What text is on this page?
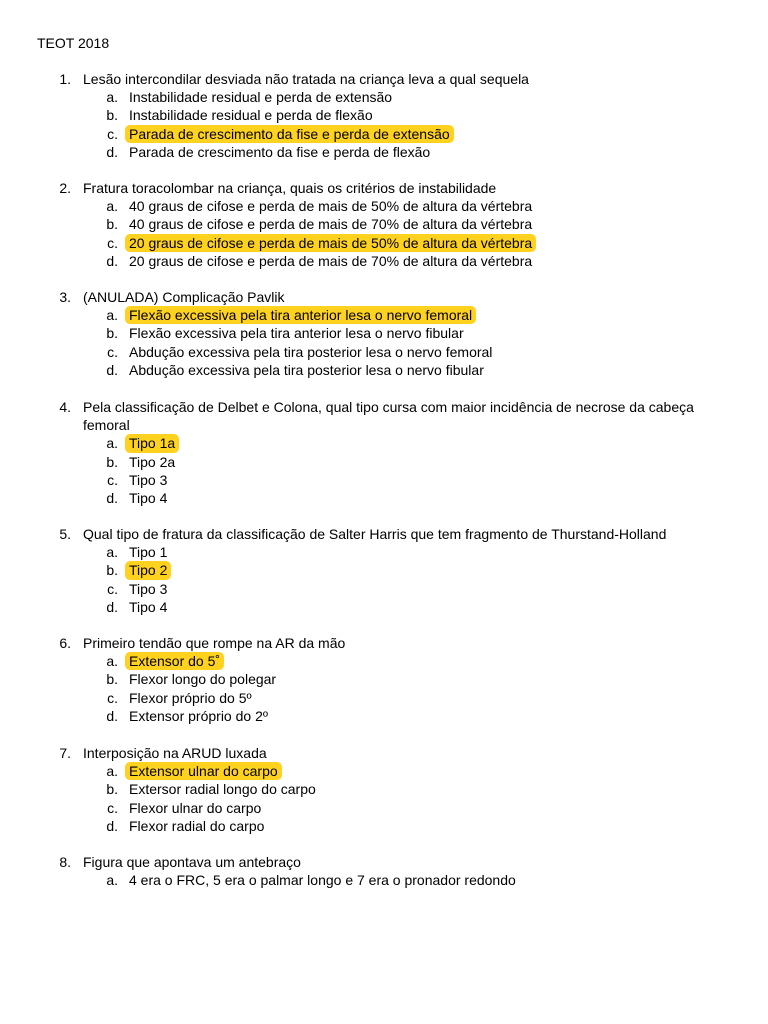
TEOT 2018
1. Lesão intercondilar desviada não tratada na criança leva a qual sequela
a. Instabilidade residual e perda de extensão
b. Instabilidade residual e perda de flexão
c. Parada de crescimento da fise e perda de extensão
d. Parada de crescimento da fise e perda de flexão
2. Fratura toracolombar na criança, quais os critérios de instabilidade
a. 40 graus de cifose e perda de mais de 50% de altura da vértebra
b. 40 graus de cifose e perda de mais de 70% de altura da vértebra
c. 20 graus de cifose e perda de mais de 50% de altura da vértebra
d. 20 graus de cifose e perda de mais de 70% de altura da vértebra
3. (ANULADA) Complicação Pavlik
a. Flexão excessiva pela tira anterior lesa o nervo femoral
b. Flexão excessiva pela tira anterior lesa o nervo fibular
c. Abdução excessiva pela tira posterior lesa o nervo femoral
d. Abdução excessiva pela tira posterior lesa o nervo fibular
4. Pela classificação de Delbet e Colona, qual tipo cursa com maior incidência de necrose da cabeça femoral
a. Tipo 1a
b. Tipo 2a
c. Tipo 3
d. Tipo 4
5. Qual tipo de fratura da classificação de Salter Harris que tem fragmento de Thurstand-Holland
a. Tipo 1
b. Tipo 2
c. Tipo 3
d. Tipo 4
6. Primeiro tendão que rompe na AR da mão
a. Extensor do 5˚
b. Flexor longo do polegar
c. Flexor próprio do 5º
d. Extensor próprio do 2º
7. Interposição na ARUD luxada
a. Extensor ulnar do carpo
b. Extersor radial longo do carpo
c. Flexor ulnar do carpo
d. Flexor radial do carpo
8. Figura que apontava um antebraço
a. 4 era o FRC, 5 era o palmar longo e 7 era o pronador redondo
